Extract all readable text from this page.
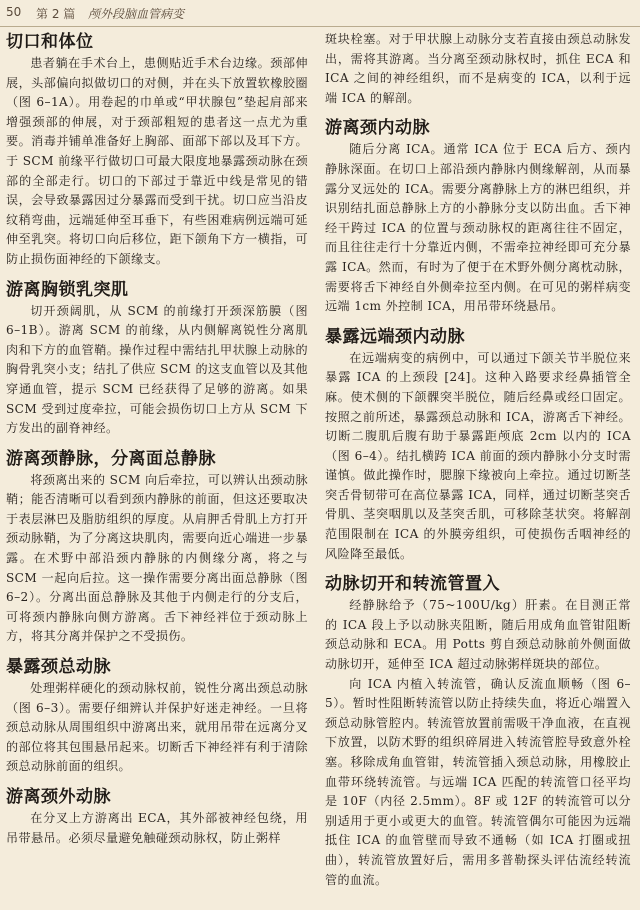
50 第 2 篇 颅外段脑血管病变
切口和体位

患者躺在手术台上，患侧贴近手术台边缘。颈部伸展，头部偏向拟做切口的对侧，并在头下放置软橡胶圈（图 6–1A）。用卷起的巾单或“甲状腺包”垫起肩部来增强颈部的伸展，对于颈部粗短的患者这一点尤为重要。消毒并铺单准备好上胸部、面部下部以及耳下方。于 SCM 前缘平行做切口可最大限度地暴露颈动脉在颈部的全部走行。切口的下部过于靠近中线是常见的错误，会导致暴露因过分暴露而受到干扰。切口应当沿皮纹稍弯曲，远端延伸至耳垂下，有些困难病例远端可延伸至乳突。将切口向后移位，距下颌角下方一横指，可防止损伤面神经的下颌缘支。

游离胸锁乳突肌

切开颈阔肌，从 SCM 的前缘打开颈深筋膜（图 6–1B）。游离 SCM 的前缘，从内侧解离锐性分离肌肉和下方的血管鞘。操作过程中需结扎甲状腺上动脉的胸骨乳突小支；结扎了供应 SCM 的这支血管以及其他穿通血管，提示 SCM 已经获得了足够的游离。如果 SCM 受到过度牵拉，可能会损伤切口上方从 SCM 下方发出的副脊神经。

游离颈静脉，分离面总静脉

将颈离出来的 SCM 向后牵拉，可以辨认出颈动脉鞘；能否清晰可以看到颈内静脉的前面，但这还要取决于表层淋巴及脂肪组织的厚度。从肩胛舌骨肌上方打开颈动脉鞘，为了分离这块肌肉，需要向近心端进一步暴露。在术野中部沿颈内静脉的内侧缘分离，将之与 SCM 一起向后拉。这一操作需要分离出面总静脉（图 6–2）。分离出面总静脉及其他于内侧走行的分支后，可将颈内静脉向侧方游离。舌下神经袢位于颈动脉上方，将其分离并保护之不受损伤。

暴露颈总动脉

处理粥样硬化的颈动脉权前，锐性分离出颈总动脉（图 6–3）。需要仔细辨认并保护好迷走神经。一旦将颈总动脉从周围组织中游离出来，就用吊带在远离分叉的部位将其包围悬吊起来。切断舌下神经袢有利于清除颈总动脉前面的组织。

游离颈外动脉

在分叉上方游离出 ECA，其外部被神经包绕，用吊带悬吊。必须尽量避免触碰颈动脉权，防止粥样

斑块栓塞。对于甲状腺上动脉分支若直接由颈总动脉发出，需将其游离。当分离至颈动脉权时，抓住 ECA 和 ICA 之间的神经组织，而不是病变的 ICA，以利于远端 ICA 的解剖。

游离颈内动脉

随后分离 ICA。通常 ICA 位于 ECA 后方、颈内静脉深面。在切口上部沿颈内静脉内侧缘解剖，从而暴露分叉远处的 ICA。需要分离静脉上方的淋巴组织，并识别结扎面总静脉上方的小静脉分支以防出血。舌下神经干跨过 ICA 的位置与颈动脉权的距离往往不固定，而且往往走行十分靠近内侧，不需牵拉神经即可充分暴露 ICA。然而，有时为了便于在术野外侧分离枕动脉，需要将舌下神经自外侧牵拉至内侧。在可见的粥样病变远端 1cm 外控制 ICA，用吊带环绕悬吊。

暴露远端颈内动脉

在远端病变的病例中，可以通过下颌关节半脱位来暴露 ICA 的上颈段 [24]。这种入路要求经鼻插管全麻。使术侧的下颌髁突半脱位，随后经鼻或经口固定。按照之前所述，暴露颈总动脉和 ICA，游离舌下神经。切断二腹肌后腹有助于暴露距颅底 2cm 以内的 ICA（图 6–4）。结扎横跨 ICA 前面的颈内静脉小分支时需谨慎。做此操作时，腮腺下缘被向上牵拉。通过切断茎突舌骨韧带可在高位暴露 ICA，同样，通过切断茎突舌骨肌、茎突咽肌以及茎突舌肌，可移除茎状突。将解剖范围限制在 ICA 的外膜旁组织，可使损伤舌咽神经的风险降至最低。

动脉切开和转流管置入

经静脉给予（75~100U/kg）肝素。在目测正常的 ICA 段上予以动脉夹阻断，随后用成角血管钳阻断颈总动脉和 ECA。用 Potts 剪自颈总动脉前外侧面做动脉切开，延伸至 ICA 超过动脉粥样斑块的部位。

向 ICA 内植入转流管，确认反流血顺畅（图 6–5）。暂时性阻断转流管以防止持续失血，将近心端置入颈总动脉管腔内。转流管放置前需吸干净血液，在直视下放置，以防术野的组织碎屑进入转流管腔导致意外栓塞。移除成角血管钳，转流管插入颈总动脉，用橡胶止血带环绕转流管。与远端 ICA 匹配的转流管口径平均是 10F（内径 2.5mm）。8F 或 12F 的转流管可以分别适用于更小或更大的血管。转流管偶尔可能因为远端抵住 ICA 的血管壁而导致不通畅（如 ICA 打圈或扭曲），转流管放置好后，需用多普勒探头评估流经转流管的血流。
